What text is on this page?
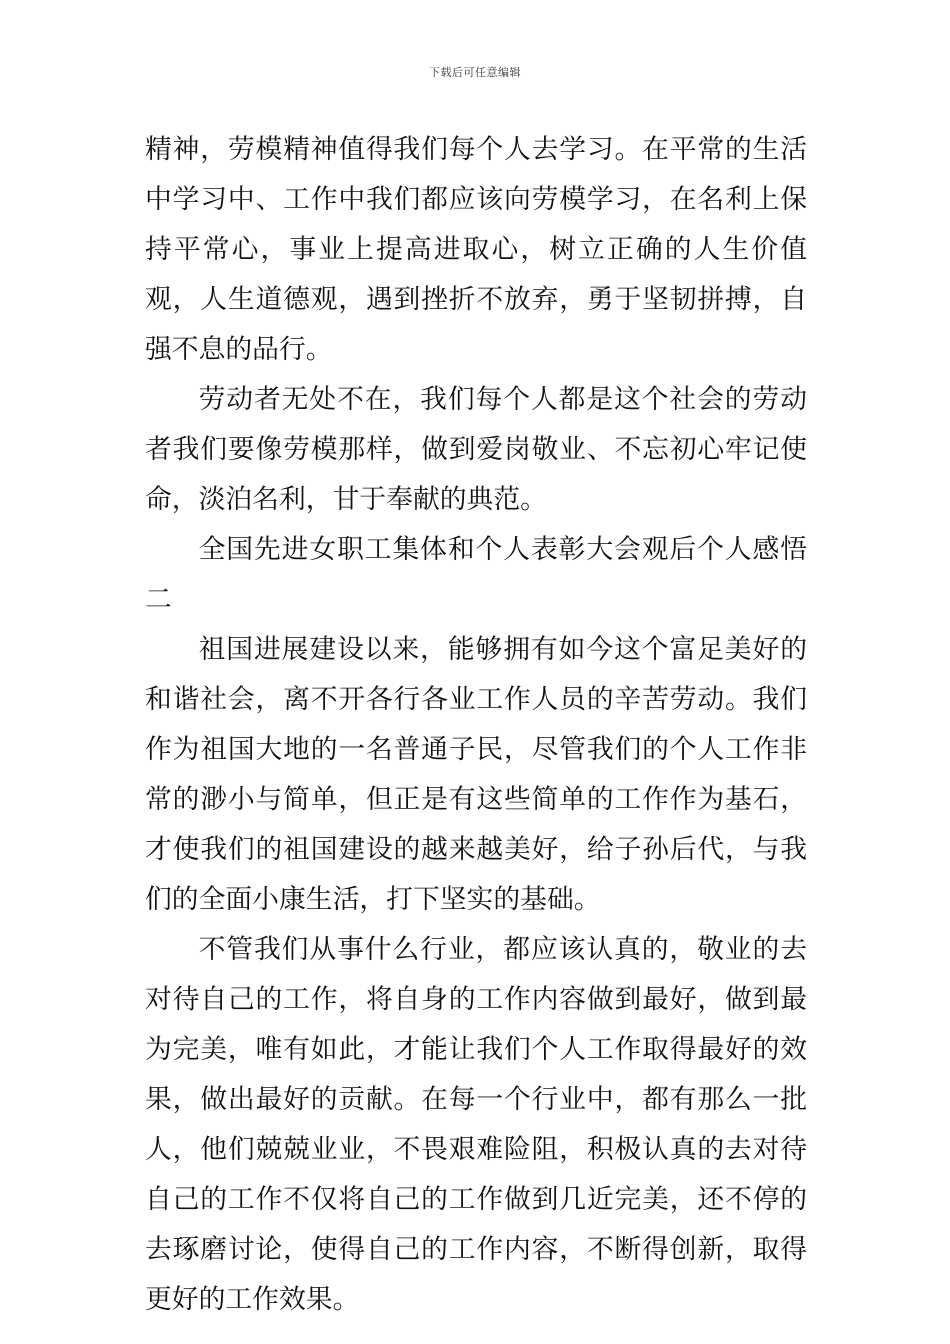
下载后可任意编辑

精神，劳模精神值得我们每个人去学习。在平常的生活中学习中、工作中我们都应该向劳模学习，在名利上保持平常心，事业上提高进取心，树立正确的人生价值观，人生道德观，遇到挫折不放弃，勇于坚韧拼搏，自强不息的品行。

劳动者无处不在，我们每个人都是这个社会的劳动者我们要像劳模那样，做到爱岗敬业、不忘初心牢记使命，淡泊名利，甘于奉献的典范。

全国先进女职工集体和个人表彰大会观后个人感悟二

祖国进展建设以来，能够拥有如今这个富足美好的和谐社会，离不开各行各业工作人员的辛苦劳动。我们作为祖国大地的一名普通子民，尽管我们的个人工作非常的渺小与简单，但正是有这些简单的工作作为基石，才使我们的祖国建设的越来越美好，给子孙后代，与我们的全面小康生活，打下坚实的基础。

不管我们从事什么行业，都应该认真的，敬业的去对待自己的工作，将自身的工作内容做到最好，做到最为完美，唯有如此，才能让我们个人工作取得最好的效果，做出最好的贡献。在每一个行业中，都有那么一批人，他们兢兢业业，不畏艰难险阻，积极认真的去对待自己的工作不仅将自己的工作做到几近完美，还不停的去琢磨讨论，使得自己的工作内容，不断得创新，取得更好的工作效果。
